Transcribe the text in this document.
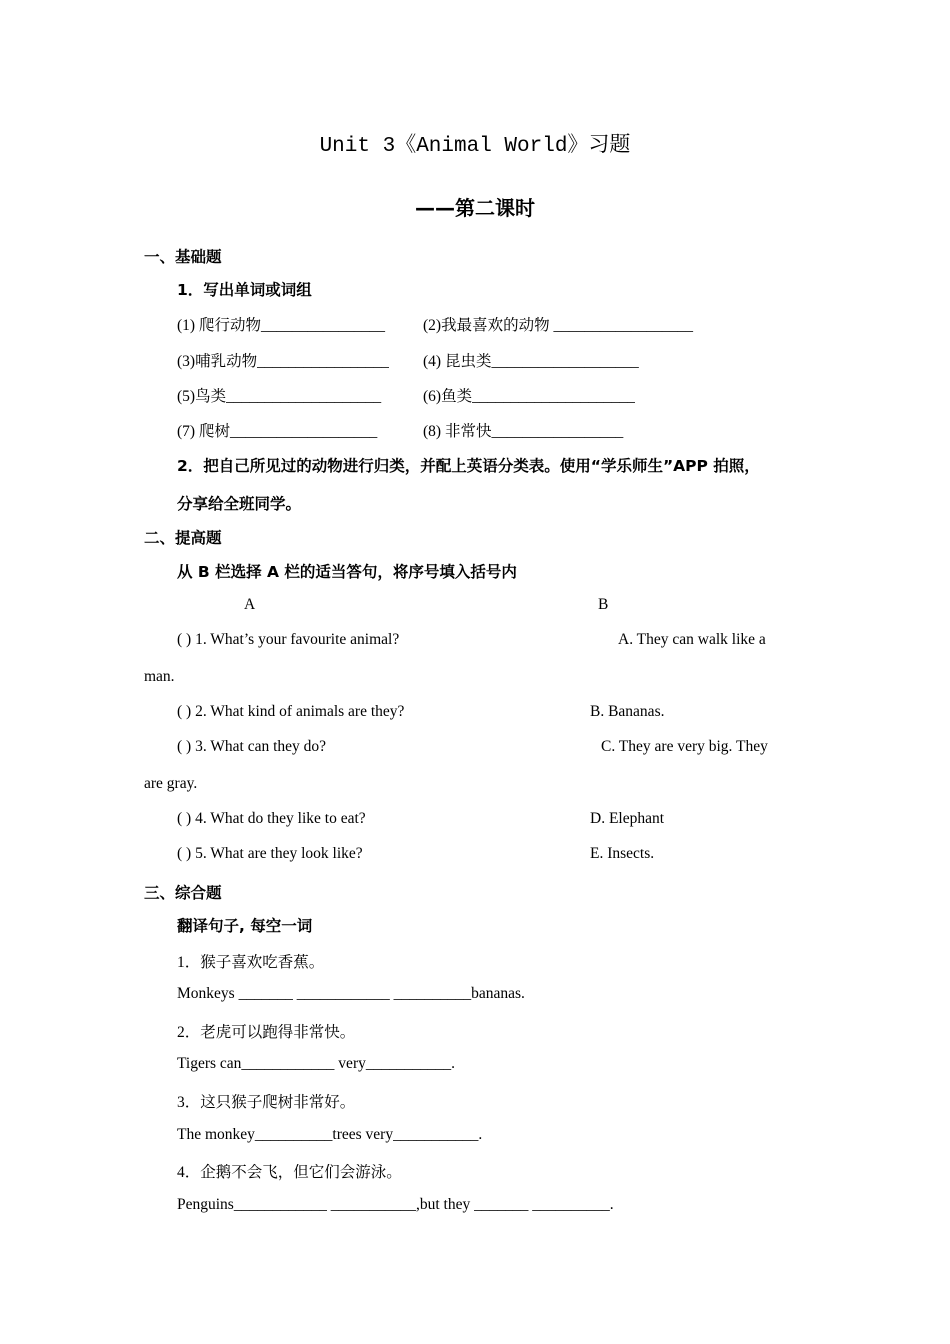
Unit 3《Animal World》习题
——第二课时
一、基础题
1．写出单词或词组
(1) 爬行动物________________ (2)我最喜欢的动物 __________________
(3)哺乳动物_________________ (4) 昆虫类___________________
(5)鸟类____________________	(6)鱼类_____________________
(7) 爬树___________________	(8) 非常快_________________
2．把自己所见过的动物进行归类，并配上英语分类表。使用“学乐师生”APP 拍照，
分享给全班同学。
二、提高题
从 B 栏选择 A 栏的适当答句，将序号填入括号内
A	B
( ) 1. What’s your favourite animal?	A. They can walk like a
man.
( ) 2. What kind of animals are they?	B. Bananas.
( ) 3. What can they do?	C. They are very big. They
are gray.
( ) 4. What do they like to eat?	D. Elephant
( ) 5. What are they look like?	E. Insects.
三、综合题
翻译句子, 每空一词
1．猴子喜欢吃香蕉。
Monkeys _______ ____________ __________bananas.
2．老虎可以跑得非常快。
Tigers can____________ very___________.
3．这只猴子爬树非常好。
The monkey__________trees very___________.
4．企鹅不会飞，但它们会游泳。
Penguins____________ ___________,but they _______ __________.
